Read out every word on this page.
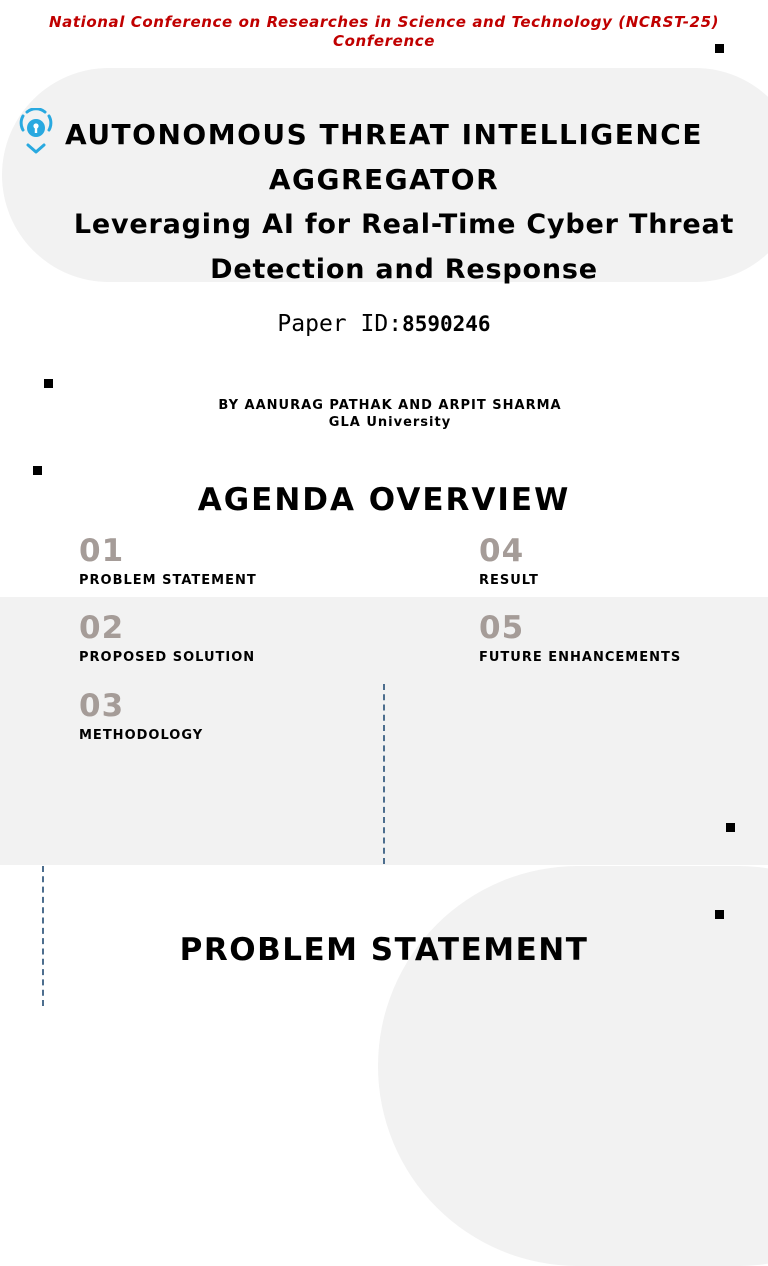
National Conference on Researches in Science and Technology (NCRST-25)
Conference
AUTONOMOUS THREAT INTELLIGENCE
AGGREGATOR
Leveraging AI for Real-Time Cyber Threat
Detection and Response
Paper ID:8590246
BY AANURAG PATHAK AND ARPIT SHARMA
GLA University
AGENDA OVERVIEW
01
PROBLEM STATEMENT
02
PROPOSED SOLUTION
03
METHODOLOGY
04
RESULT
05
FUTURE ENHANCEMENTS
PROBLEM STATEMENT
